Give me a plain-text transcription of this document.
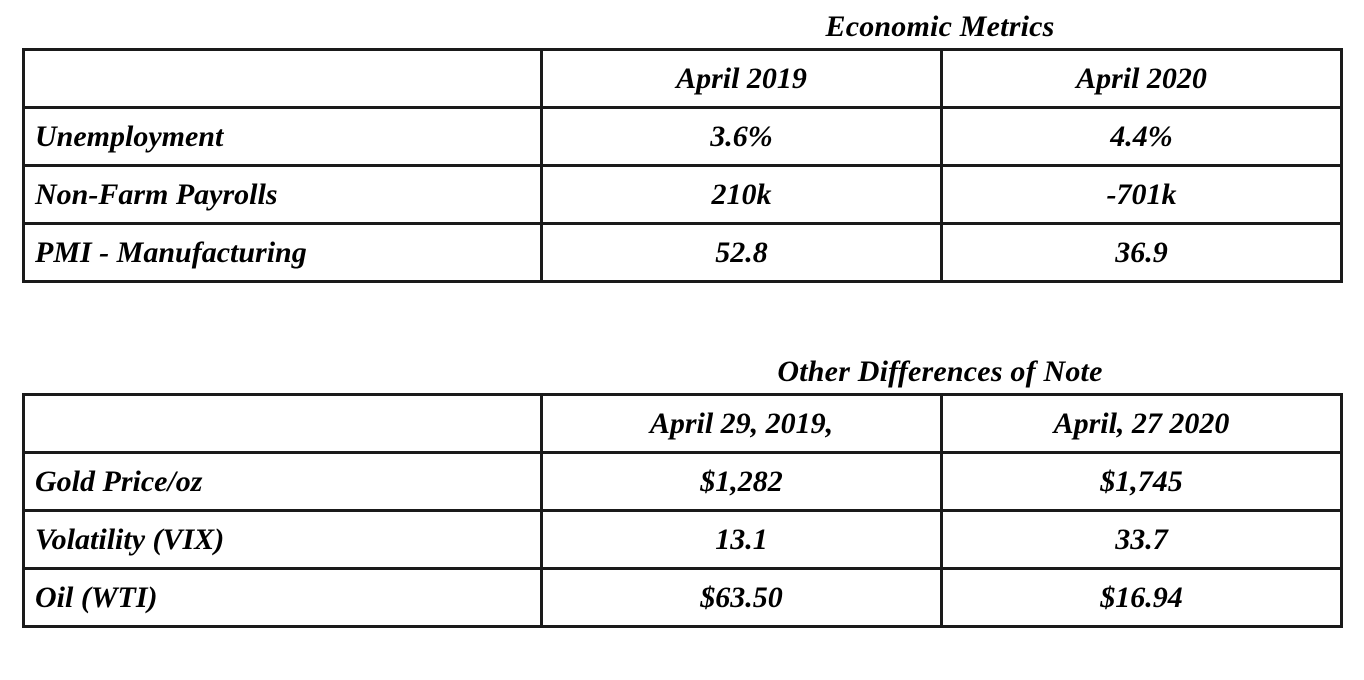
Economic Metrics
	April 2019	April 2020
Unemployment	3.6%	4.4%
Non-Farm Payrolls	210k	-701k
PMI - Manufacturing	52.8	36.9
Other Differences of Note
	April 29, 2019,	April, 27 2020
Gold Price/oz	$1,282	$1,745
Volatility (VIX)	13.1	33.7
Oil (WTI)	$63.50	$16.94
